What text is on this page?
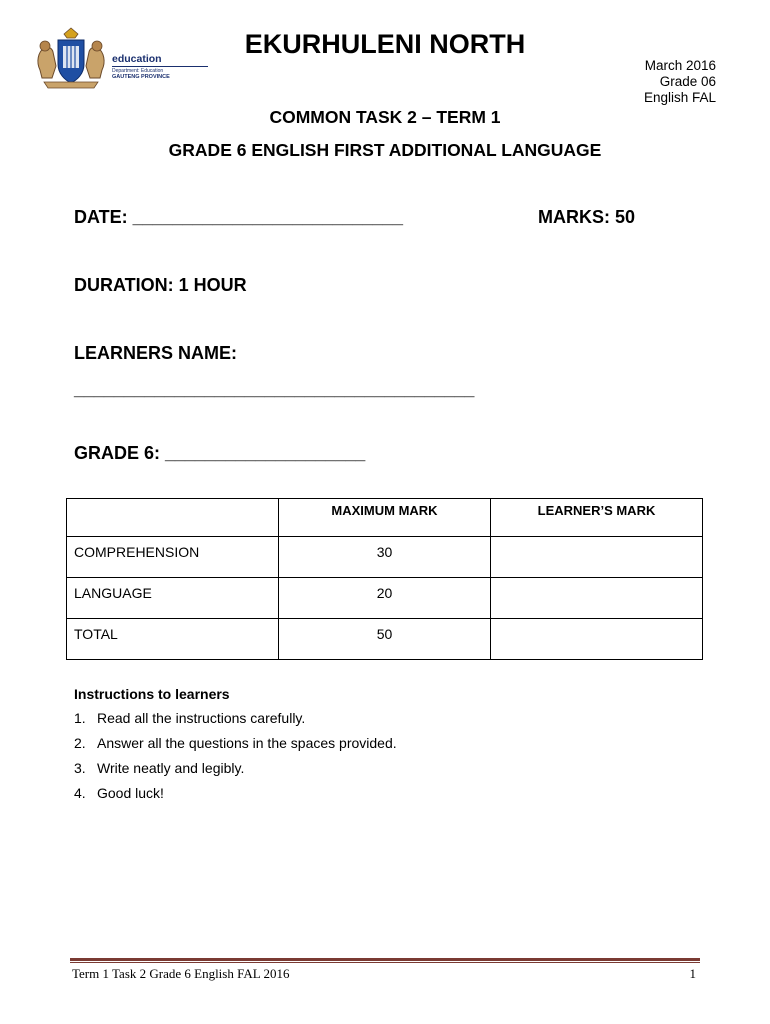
education
Department: Education
GAUTENG PROVINCE
EKURHULENI NORTH
March 2016
Grade 06
English FAL
COMMON TASK 2 – TERM 1
GRADE 6 ENGLISH FIRST ADDITIONAL LANGUAGE
DATE: ___________________________	MARKS: 50
DURATION: 1 HOUR
LEARNERS NAME:
________________________________________
GRADE 6: ____________________
	MAXIMUM MARK	LEARNER’S MARK
COMPREHENSION	30	
LANGUAGE	20	
TOTAL	50	
Instructions to learners
1. Read all the instructions carefully.
2. Answer all the questions in the spaces provided.
3. Write neatly and legibly.
4. Good luck!
Term 1 Task 2 Grade 6 English FAL 2016	1
